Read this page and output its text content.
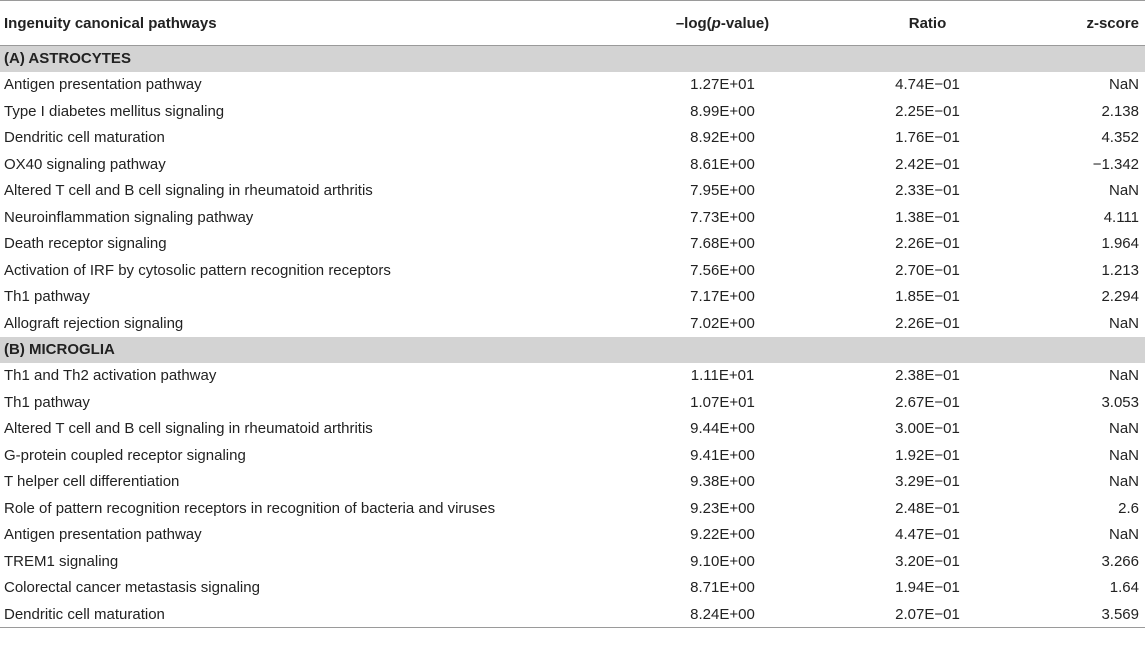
Ingenuity canonical pathways	–log(p-value)	Ratio	z-score
(A) ASTROCYTES			
Antigen presentation pathway	1.27E+01	4.74E−01	NaN
Type I diabetes mellitus signaling	8.99E+00	2.25E−01	2.138
Dendritic cell maturation	8.92E+00	1.76E−01	4.352
OX40 signaling pathway	8.61E+00	2.42E−01	−1.342
Altered T cell and B cell signaling in rheumatoid arthritis	7.95E+00	2.33E−01	NaN
Neuroinflammation signaling pathway	7.73E+00	1.38E−01	4.111
Death receptor signaling	7.68E+00	2.26E−01	1.964
Activation of IRF by cytosolic pattern recognition receptors	7.56E+00	2.70E−01	1.213
Th1 pathway	7.17E+00	1.85E−01	2.294
Allograft rejection signaling	7.02E+00	2.26E−01	NaN
(B) MICROGLIA			
Th1 and Th2 activation pathway	1.11E+01	2.38E−01	NaN
Th1 pathway	1.07E+01	2.67E−01	3.053
Altered T cell and B cell signaling in rheumatoid arthritis	9.44E+00	3.00E−01	NaN
G-protein coupled receptor signaling	9.41E+00	1.92E−01	NaN
T helper cell differentiation	9.38E+00	3.29E−01	NaN
Role of pattern recognition receptors in recognition of bacteria and viruses	9.23E+00	2.48E−01	2.6
Antigen presentation pathway	9.22E+00	4.47E−01	NaN
TREM1 signaling	9.10E+00	3.20E−01	3.266
Colorectal cancer metastasis signaling	8.71E+00	1.94E−01	1.64
Dendritic cell maturation	8.24E+00	2.07E−01	3.569
